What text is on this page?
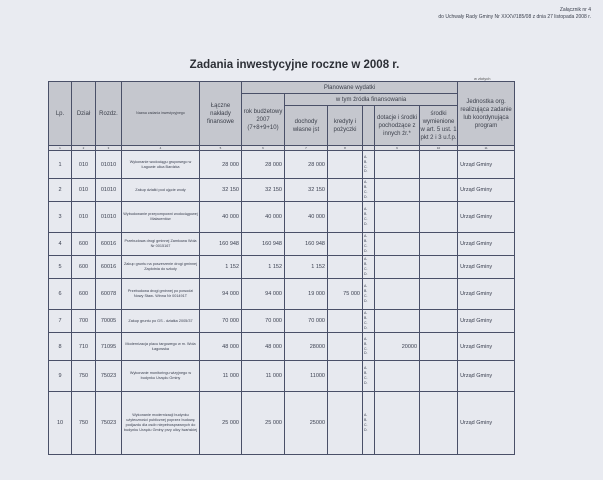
Załącznik nr 4
do Uchwały Rady Gminy Nr XXXV/185/08 z dnia 27 listopada 2008 r.
Zadania inwestycyjne roczne w 2008 r.
w złotych
Lp.	Dział	Rozdz.	Nazwa zadania inwestycyjnego	Łączne nakłady finansowe	Planowane wydatki						Jednostka org. realizująca zadanie lub koordynująca program
					rok budżetowy 2007 (7+8+9+10)	w tym źródła finansowania					
						dochody własne jst	kredyty i pożyczki		dotacje i środki pochodzące z innych źr.*	środki wymienione w art. 5 ust. 1 pkt 2 i 3 u.f.p.	
1	2	3	4	5	6	7	8		9	10	11
1	010	01010	Wykonanie wodociągu grupowego w Łagowie ulica Bardzka	28 000	28 000	28 000		A.
B.
C.
D.			Urząd Gminy
2	010	01010	Zakup działki pod ujęcie wody	32 150	32 150	32 150		A.
B.
C.
D.			Urząd Gminy
3	010	01010	Wybudowanie przepompowni wodociągowej Małacentów	40 000	40 000	40 000		A.
B.
C.
D.			Urząd Gminy
4	600	60016	Przebudowa drogi gminnej Zamkowa Wola Nr 0015167	160 948	160 948	160 948		A.
B.
C.
D.			Urząd Gminy
5	600	60016	Zakup gruntu na poszerzenie drogi gminnej Zapłotnia do szkoły	1 152	1 152	1 152		A.
B.
C.
D.			Urząd Gminy
6	600	60078	Przebudowa drogi gminnej po powodzi Nowy Staw- Winna Nr 001491T	94 000	94 000	19 000	75 000	A.
B.
C.
D.			Urząd Gminy
7	700	70005	Zakup gruntu po GS - działka 2005/37	70 000	70 000	70 000		A.
B.
C.
D.			Urząd Gminy
8	710	71095	Modernizacja placu targowego w m. Wola Łagowska	48 000	48 000	28000		A.
B.
C.
D.	20000		Urząd Gminy
9	750	75023	Wykonanie monitoringu wizyjnego w budynku Urzędu Gminy	11 000	11 000	11000		A.
B.
C.
D.			Urząd Gminy
10	750	75023	Wykonanie modernizacji budynku użyteczności publicznej poprzez budowę podjazdu dla osób niepełnosprawnych do budynku Urzędu Gminy przy ulicy Iwańskiej	25 000	25 000	25000		A.
B.
C.
D.			Urząd Gminy
